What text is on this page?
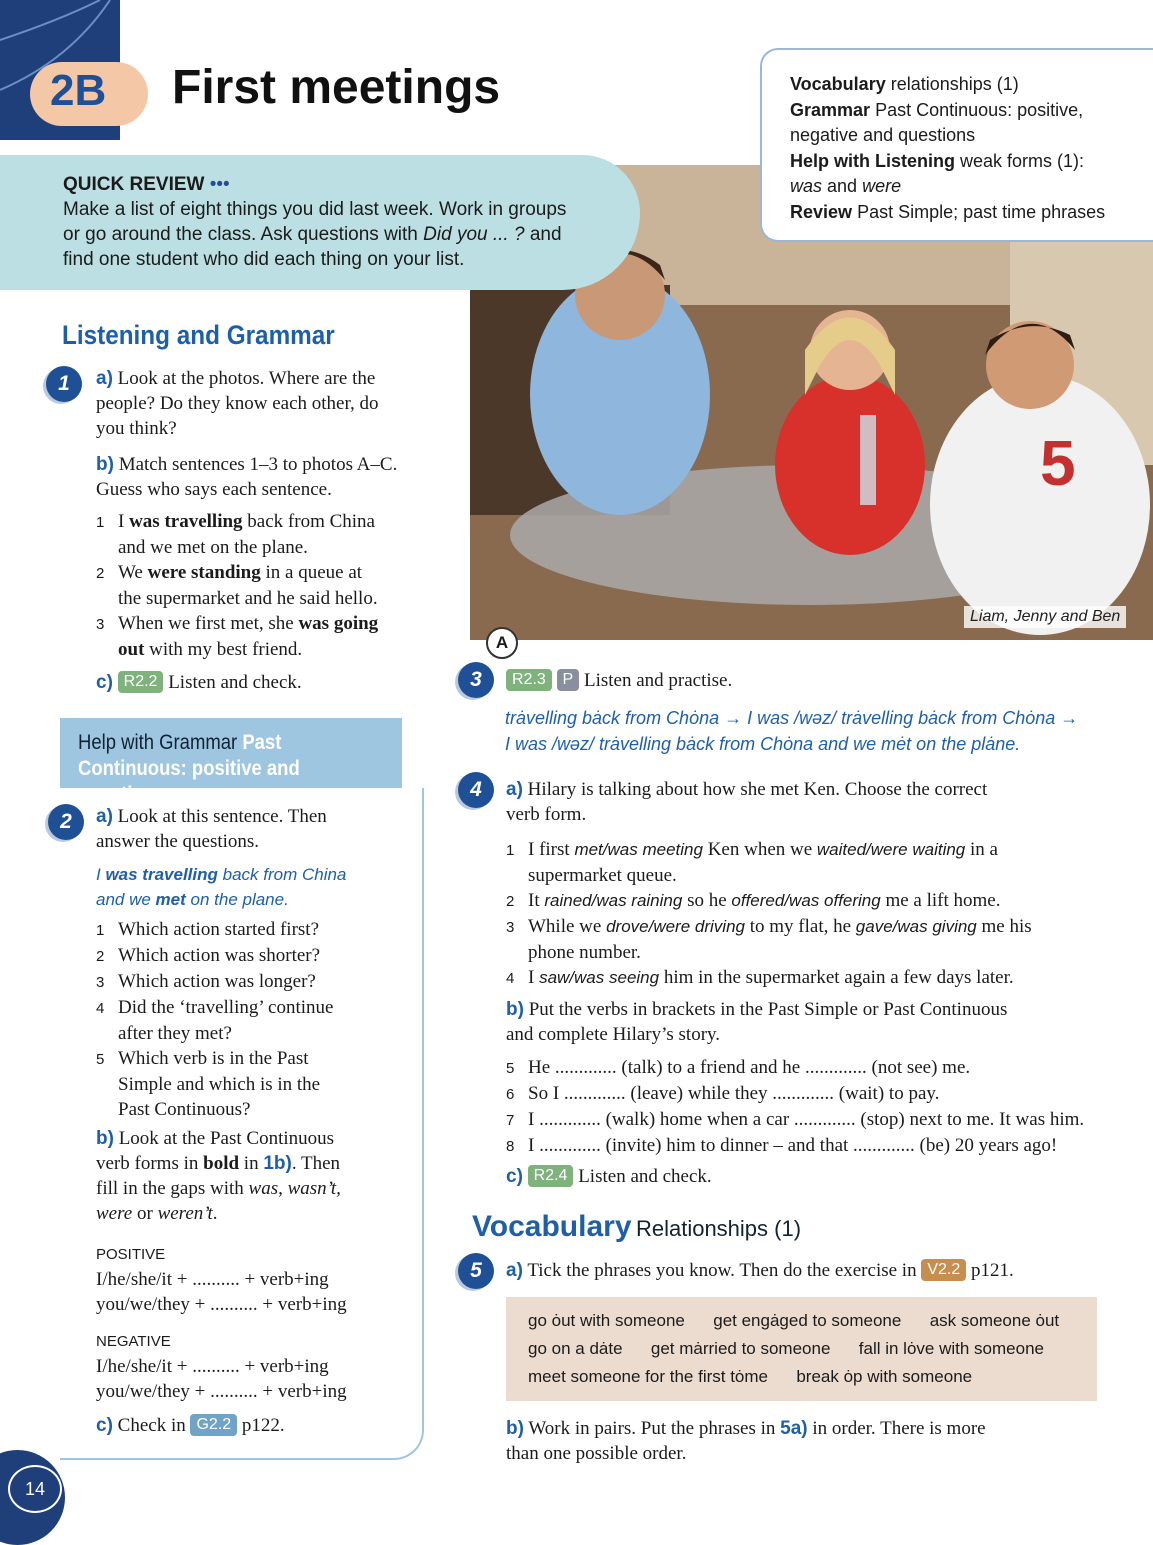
2B First meetings	Vocabulary relationships (1)
Grammar Past Continuous: positive,
negative and questions
Help with Listening weak forms (1):
was and were
Review Past Simple; past time phrases
QUICK REVIEW •••
Make a list of eight things you did last week. Work in groups
or go around the class. Ask questions with Did you ... ? and
find one student who did each thing on your list.
5
Liam, Jenny and Ben
A
Listening and Grammar
1	a) Look at the photos. Where are the
people? Do they know each other, do
you think?
b) Match sentences 1–3 to photos A–C.
Guess who says each sentence.
1 I was travelling back from China
and we met on the plane.
2 We were standing in a queue at
the supermarket and he said hello.
3 When we first met, she was going
out with my best friend.
c) R2.2 Listen and check.
Help with Grammar Past
Continuous: positive and negative
2	a) Look at this sentence. Then
answer the questions.
I was travelling back from China
and we met on the plane.
1 Which action started first?
2 Which action was shorter?
3 Which action was longer?
4 Did the ‘travelling’ continue
after they met?
5 Which verb is in the Past
Simple and which is in the
Past Continuous?
b) Look at the Past Continuous
verb forms in bold in 1b). Then
fill in the gaps with was, wasn’t,
were or weren’t.
POSITIVE
I/he/she/it + .......... + verb+ing
you/we/they + .......... + verb+ing
NEGATIVE
I/he/she/it + .......... + verb+ing
you/we/they + .......... + verb+ing
c) Check in G2.2 p122.
3	R2.3 P Listen and practise.
trȧvelling bȧck from Chȯna → I was /wəz/ trȧvelling bȧck from Chȯna →
I was /wəz/ trȧvelling bȧck from Chȯna and we mėt on the plȧne.
4	a) Hilary is talking about how she met Ken. Choose the correct
verb form.
1 I first met/was meeting Ken when we waited/were waiting in a
supermarket queue.
2 It rained/was raining so he offered/was offering me a lift home.
3 While we drove/were driving to my flat, he gave/was giving me his
phone number.
4 I saw/was seeing him in the supermarket again a few days later.
b) Put the verbs in brackets in the Past Simple or Past Continuous
and complete Hilary’s story.
5 He ............. (talk) to a friend and he ............. (not see) me.
6 So I ............. (leave) while they ............. (wait) to pay.
7 I ............. (walk) home when a car ............. (stop) next to me. It was him.
8 I ............. (invite) him to dinner – and that ............. (be) 20 years ago!
c) R2.4 Listen and check.
Vocabulary Relationships (1)
5	a) Tick the phrases you know. Then do the exercise in V2.2 p121.
go ȯut with someone get engȧged to someone ask someone ȯut
go on a dȧte get mȧrried to someone fall in lȯve with someone
meet someone for the first tȯme break ȯp with someone
b) Work in pairs. Put the phrases in 5a) in order. There is more
than one possible order.
14
